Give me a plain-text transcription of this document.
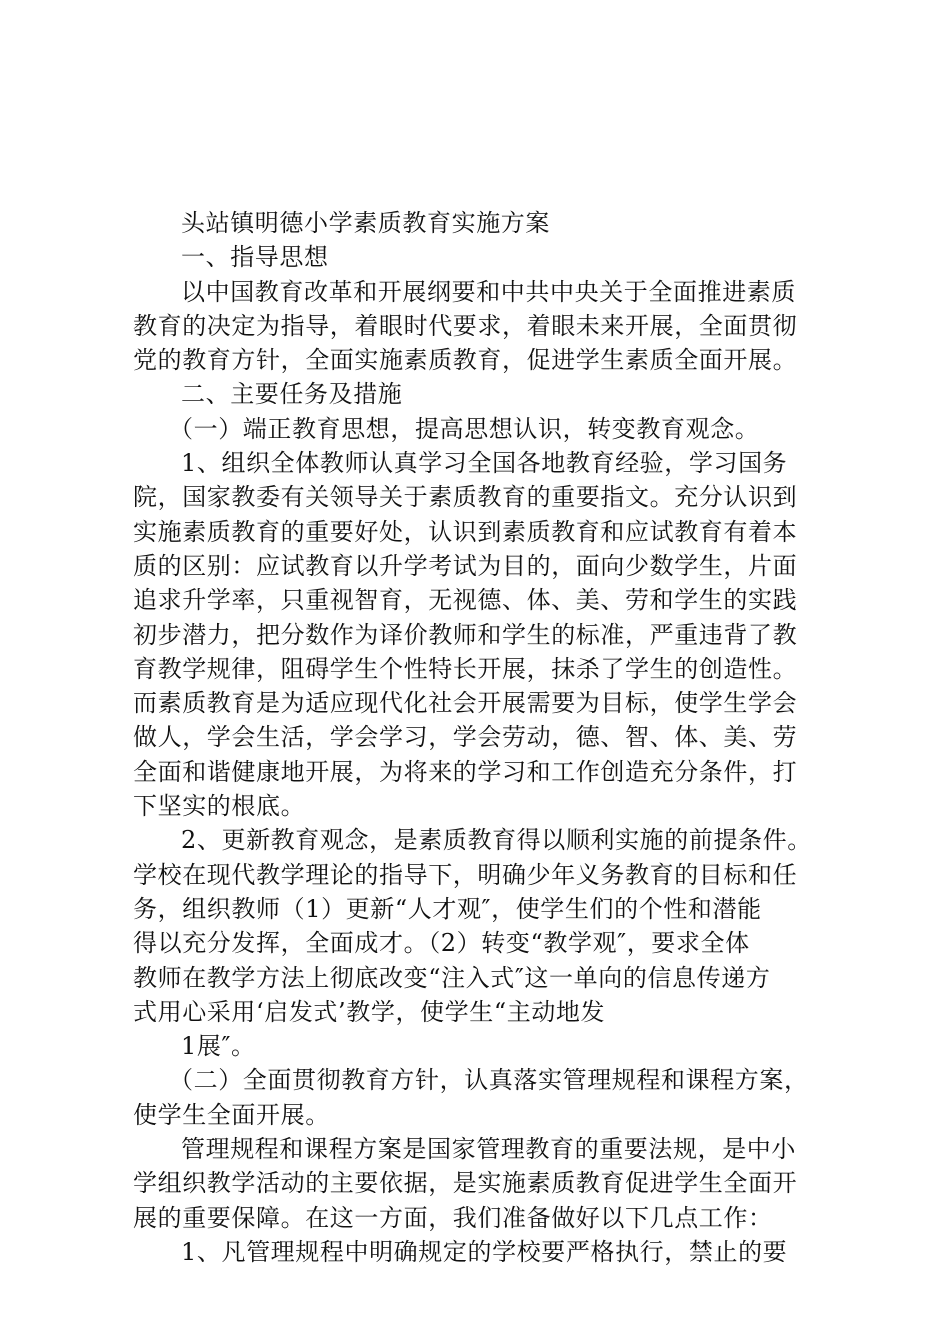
头站镇明德小学素质教育实施方案
一、指导思想
以中国教育改革和开展纲要和中共中央关于全面推进素质
教育的决定为指导，着眼时代要求，着眼未来开展，全面贯彻
党的教育方针，全面实施素质教育，促进学生素质全面开展。
二、主要任务及措施
（一）端正教育思想，提高思想认识，转变教育观念。
1、组织全体教师认真学习全国各地教育经验，学习国务
院，国家教委有关领导关于素质教育的重要指文。充分认识到
实施素质教育的重要好处，认识到素质教育和应试教育有着本
质的区别：应试教育以升学考试为目的，面向少数学生，片面
追求升学率，只重视智育，无视德、体、美、劳和学生的实践
初步潜力，把分数作为译价教师和学生的标准，严重违背了教
育教学规律，阻碍学生个性特长开展，抹杀了学生的创造性。
而素质教育是为适应现代化社会开展需要为目标，使学生学会
做人，学会生活，学会学习，学会劳动，德、智、体、美、劳
全面和谐健康地开展，为将来的学习和工作创造充分条件，打
下坚实的根底。
2、更新教育观念，是素质教育得以顺利实施的前提条件。
学校在现代教学理论的指导下，明确少年义务教育的目标和任
务，组织教师（1）更新“人才观″，使学生们的个性和潜能
得以充分发挥，全面成才。（2）转变“教学观″，要求全体
教师在教学方法上彻底改变“注入式″这一单向的信息传递方
式用心采用‘启发式’教学，使学生“主动地发
1展″。
（二）全面贯彻教育方针，认真落实管理规程和课程方案，
使学生全面开展。
管理规程和课程方案是国家管理教育的重要法规，是中小
学组织教学活动的主要依据，是实施素质教育促进学生全面开
展的重要保障。在这一方面，我们准备做好以下几点工作：
1、凡管理规程中明确规定的学校要严格执行，禁止的要
